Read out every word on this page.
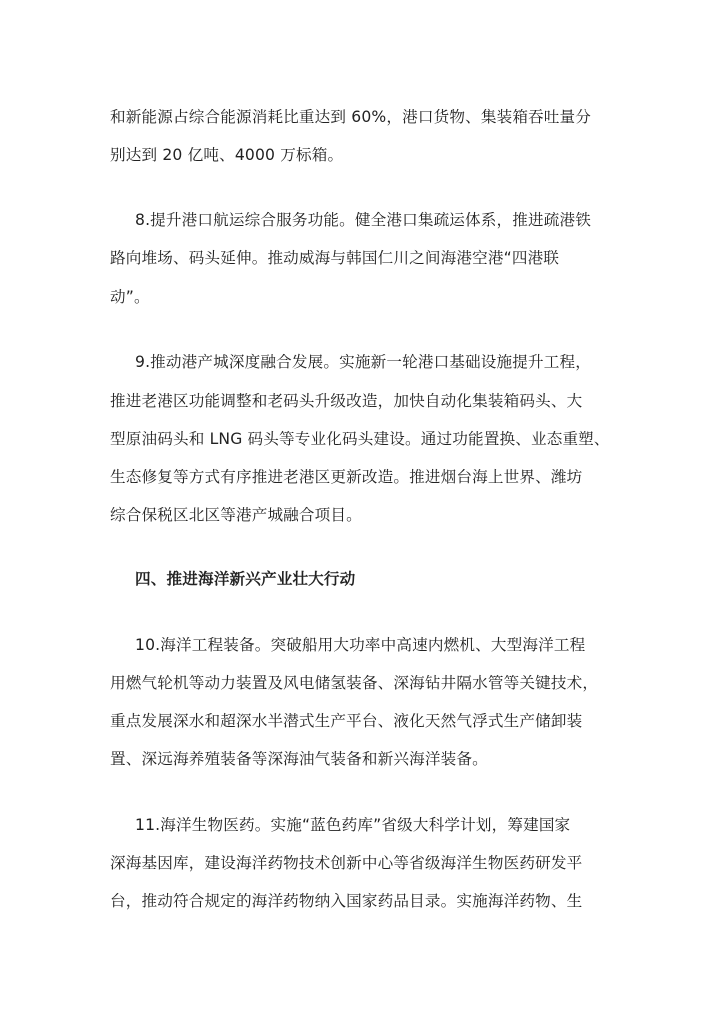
和新能源占综合能源消耗比重达到 60%，港口货物、集装箱吞吐量分
别达到 20 亿吨、4000 万标箱。
8.提升港口航运综合服务功能。健全港口集疏运体系，推进疏港铁
路向堆场、码头延伸。推动威海与韩国仁川之间海港空港“四港联
动”。
9.推动港产城深度融合发展。实施新一轮港口基础设施提升工程，
推进老港区功能调整和老码头升级改造，加快自动化集装箱码头、大
型原油码头和 LNG 码头等专业化码头建设。通过功能置换、业态重塑、
生态修复等方式有序推进老港区更新改造。推进烟台海上世界、潍坊
综合保税区北区等港产城融合项目。
四、推进海洋新兴产业壮大行动
10.海洋工程装备。突破船用大功率中高速内燃机、大型海洋工程
用燃气轮机等动力装置及风电储氢装备、深海钻井隔水管等关键技术，
重点发展深水和超深水半潜式生产平台、液化天然气浮式生产储卸装
置、深远海养殖装备等深海油气装备和新兴海洋装备。
11.海洋生物医药。实施“蓝色药库”省级大科学计划，筹建国家
深海基因库，建设海洋药物技术创新中心等省级海洋生物医药研发平
台，推动符合规定的海洋药物纳入国家药品目录。实施海洋药物、生
